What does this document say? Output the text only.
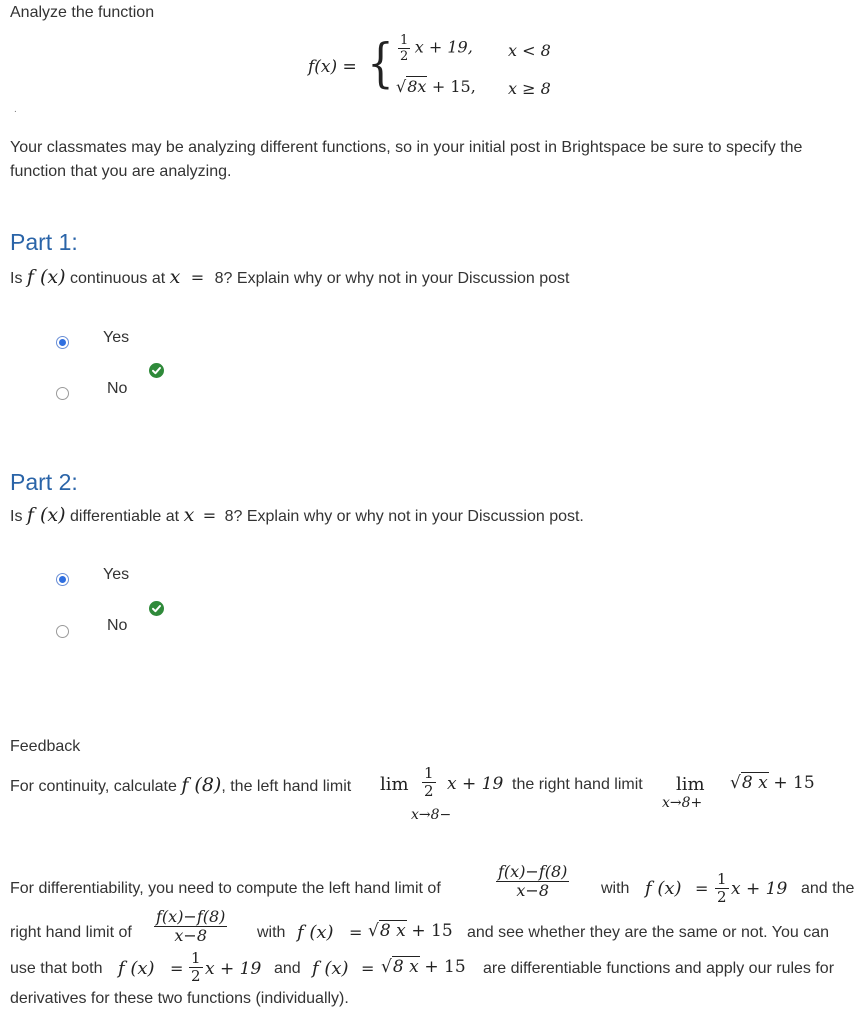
Analyze the function
f(x) = { $\frac{1}{2}$ x + 19, x < 8
√8x + 15, x ≥ 8
.
Your classmates may be analyzing different functions, so in your initial post in Brightspace be sure to specify the function that you are analyzing.
Part 1:
Is f (x) continuous at x = 8? Explain why or why not in your Discussion post
Yes
No
Part 2:
Is f (x) differentiable at x = 8? Explain why or why not in your Discussion post.
Yes
No
Feedback
For continuity, calculate f (8), the left hand limit $\lim \frac{1}{2}$ x + 19
x→8−
the right hand limit lim
x→8+
√8 x + 15
For differentiability, you need to compute the left hand limit of	$\frac{f(x)-f(8)}{x-8}$ with f $(x) = \frac{1}{2}$ x + 19 and the
right hand limit of $\frac{f(x)-f(8)}{x-8}$ with f (x) = √8 x + 15 and see whether they are the same or not. You can
use that both f $(x) = \frac{1}{2}$ x + 19 and f (x) = √8 x + 15 are differentiable functions and apply our rules for
derivatives for these two functions (individually).
